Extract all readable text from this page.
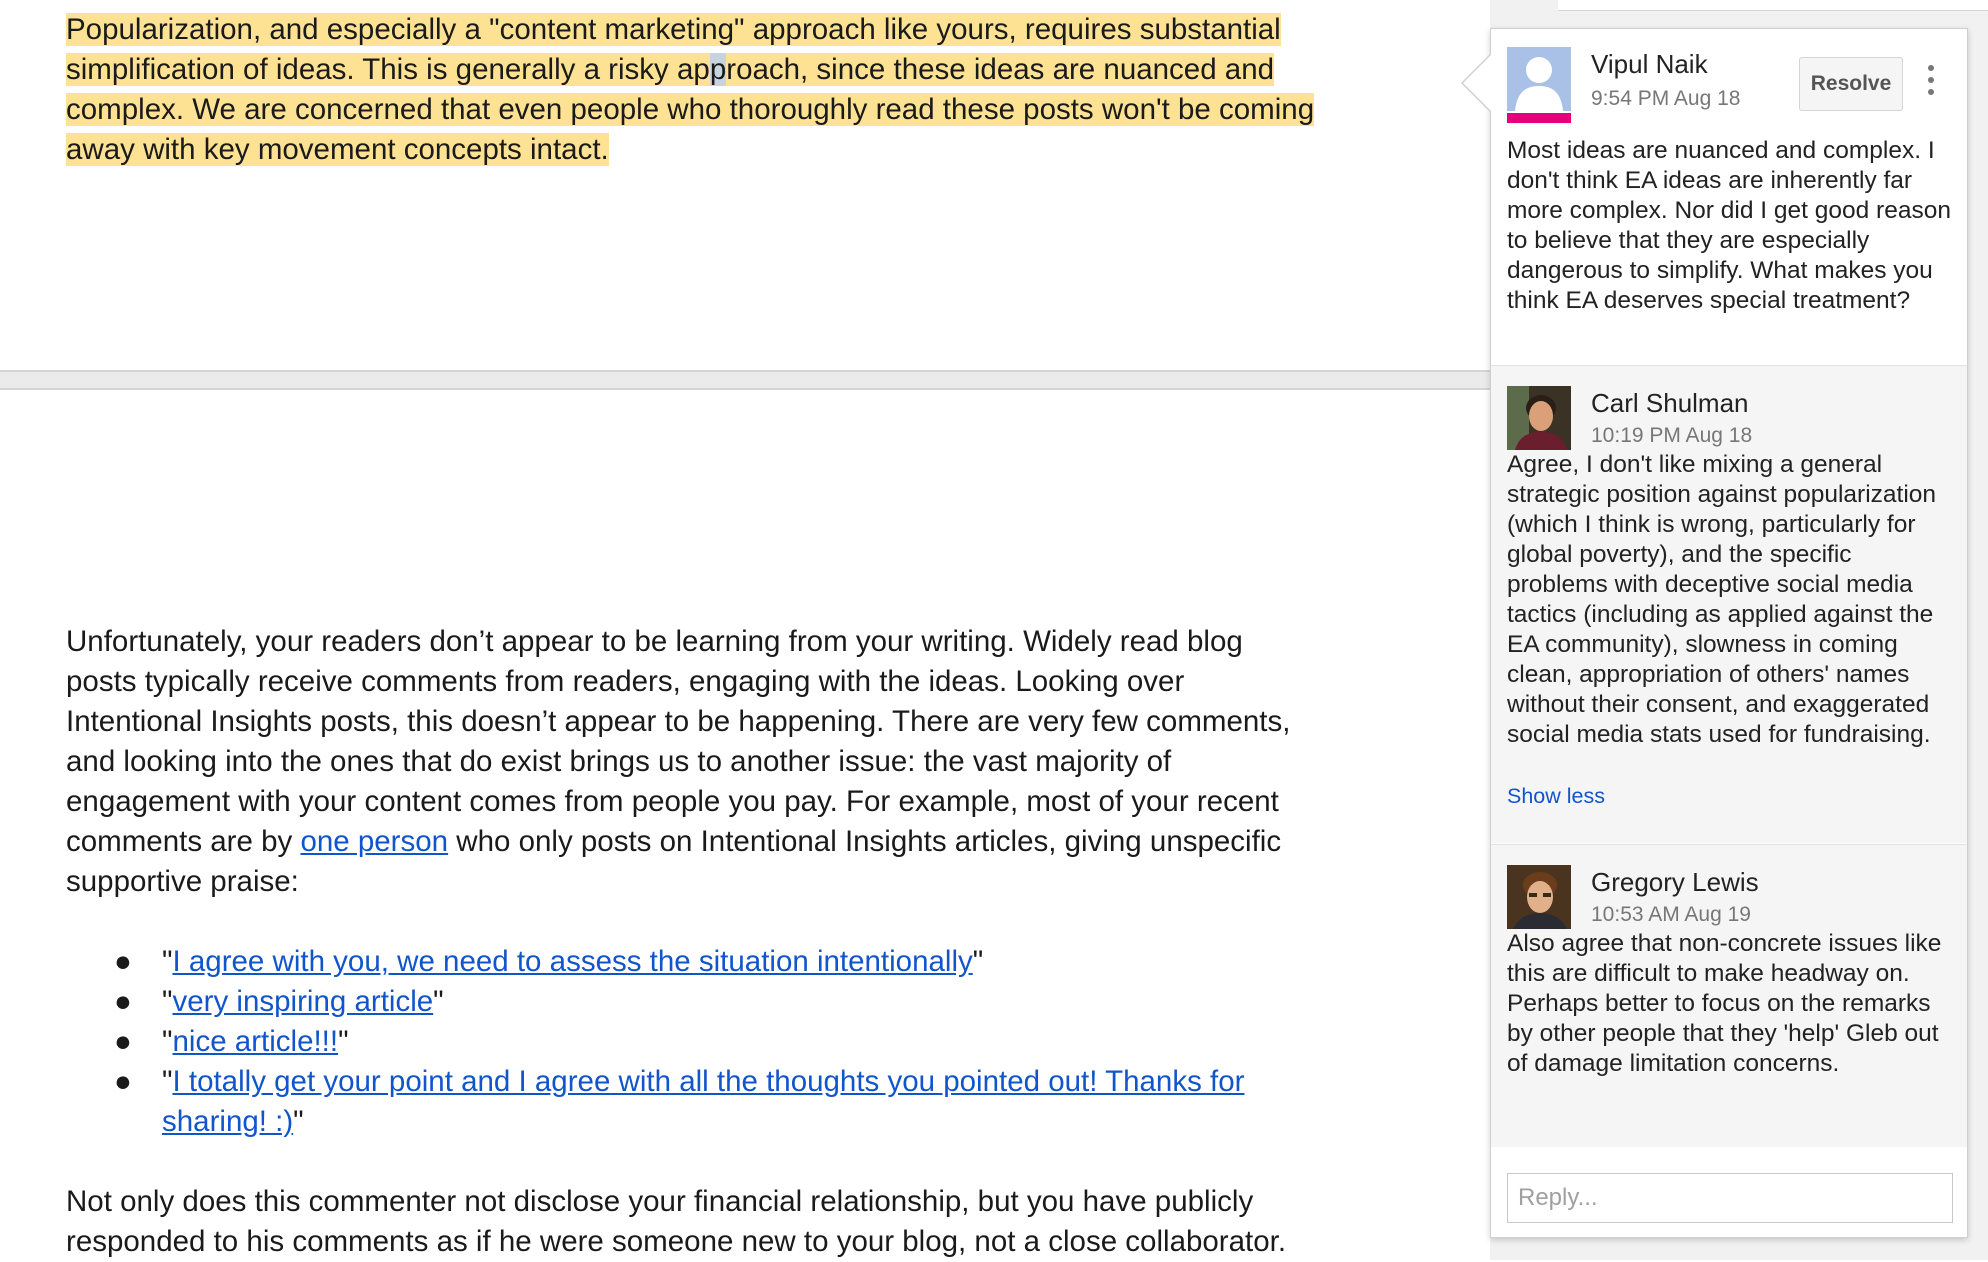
Popularization, and especially a "content marketing" approach like yours, requires substantial simplification of ideas. This is generally a risky approach, since these ideas are nuanced and complex. We are concerned that even people who thoroughly read these posts won't be coming away with key movement concepts intact.

Unfortunately, your readers don’t appear to be learning from your writing. Widely read blog posts typically receive comments from readers, engaging with the ideas. Looking over Intentional Insights posts, this doesn’t appear to be happening. There are very few comments, and looking into the ones that do exist brings us to another issue: the vast majority of engagement with your content comes from people you pay. For example, most of your recent comments are by one person who only posts on Intentional Insights articles, giving unspecific supportive praise:

● "I agree with you, we need to assess the situation intentionally"
● "very inspiring article"
● "nice article!!!"
● "I totally get your point and I agree with all the thoughts you pointed out! Thanks for sharing! :)"

Not only does this commenter not disclose your financial relationship, but you have publicly responded to his comments as if he were someone new to your blog, not a close collaborator.

Vipul Naik
9:54 PM Aug 18
Resolve

Most ideas are nuanced and complex. I don't think EA ideas are inherently far more complex. Nor did I get good reason to believe that they are especially dangerous to simplify. What makes you think EA deserves special treatment?

Carl Shulman
10:19 PM Aug 18

Agree, I don't like mixing a general strategic position against popularization (which I think is wrong, particularly for global poverty), and the specific problems with deceptive social media tactics (including as applied against the EA community), slowness in coming clean, appropriation of others' names without their consent, and exaggerated social media stats used for fundraising.

Show less
Gregory Lewis
10:53 AM Aug 19

Also agree that non-concrete issues like this are difficult to make headway on. Perhaps better to focus on the remarks by other people that they 'help' Gleb out of damage limitation concerns.

Reply...
